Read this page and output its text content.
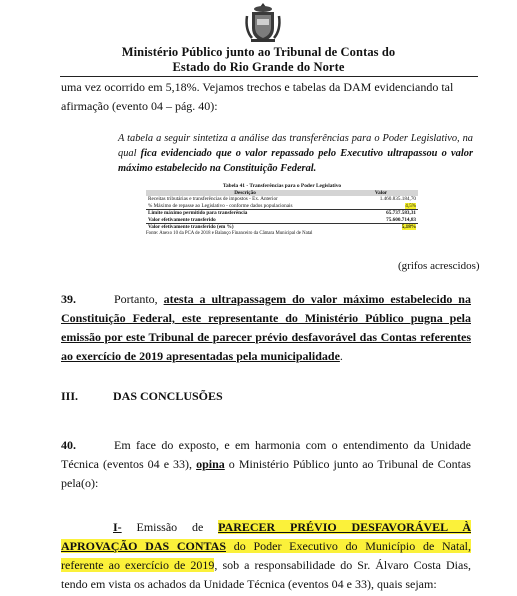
Ministério Público junto ao Tribunal de Contas do
Estado do Rio Grande do Norte

uma vez ocorrido em 5,18%. Vejamos trechos e tabelas da DAM evidenciando tal
afirmação (evento 04 – pág. 40):

A tabela a seguir sintetiza a análise das transferências para o Poder Legislativo, na qual fica evidenciado que o valor repassado pelo Executivo ultrapassou o valor máximo estabelecido na Constituição Federal.

Tabela 41 - Transferências para o Poder Legislativo
Descrição	Valor
Receitas tributárias e transferências de impostos - Ex. Anterior	1.460.835.184,70
% Máximo de repasse ao Legislativo - conforme dados populacionais	4,5%
Limite máximo permitido para transferência	65.737.583,31
Valor efetivamente transferido	75.600.714,83
Valor efetivamente transferido (em %)	5,18%
Fonte: Anexo 10 da PCA de 2018 e Balanço Financeiro da Câmara Municipal de Natal
(grifos acrescidos)

39.	Portanto, atesta a ultrapassagem do valor máximo estabelecido na Constituição Federal, este representante do Ministério Público pugna pela emissão por este Tribunal de parecer prévio desfavorável das Contas referentes ao exercício de 2019 apresentadas pela municipalidade.

III.	DAS CONCLUSÕES

40.	Em face do exposto, e em harmonia com o entendimento da Unidade Técnica (eventos 04 e 33), opina o Ministério Público junto ao Tribunal de Contas pela(o):

I- Emissão de PARECER PRÉVIO DESFAVORÁVEL À APROVAÇÃO DAS CONTAS do Poder Executivo do Município de Natal, referente ao exercício de 2019, sob a responsabilidade do Sr. Álvaro Costa Dias, tendo em vista os achados da Unidade Técnica (eventos 04 e 33), quais sejam:
